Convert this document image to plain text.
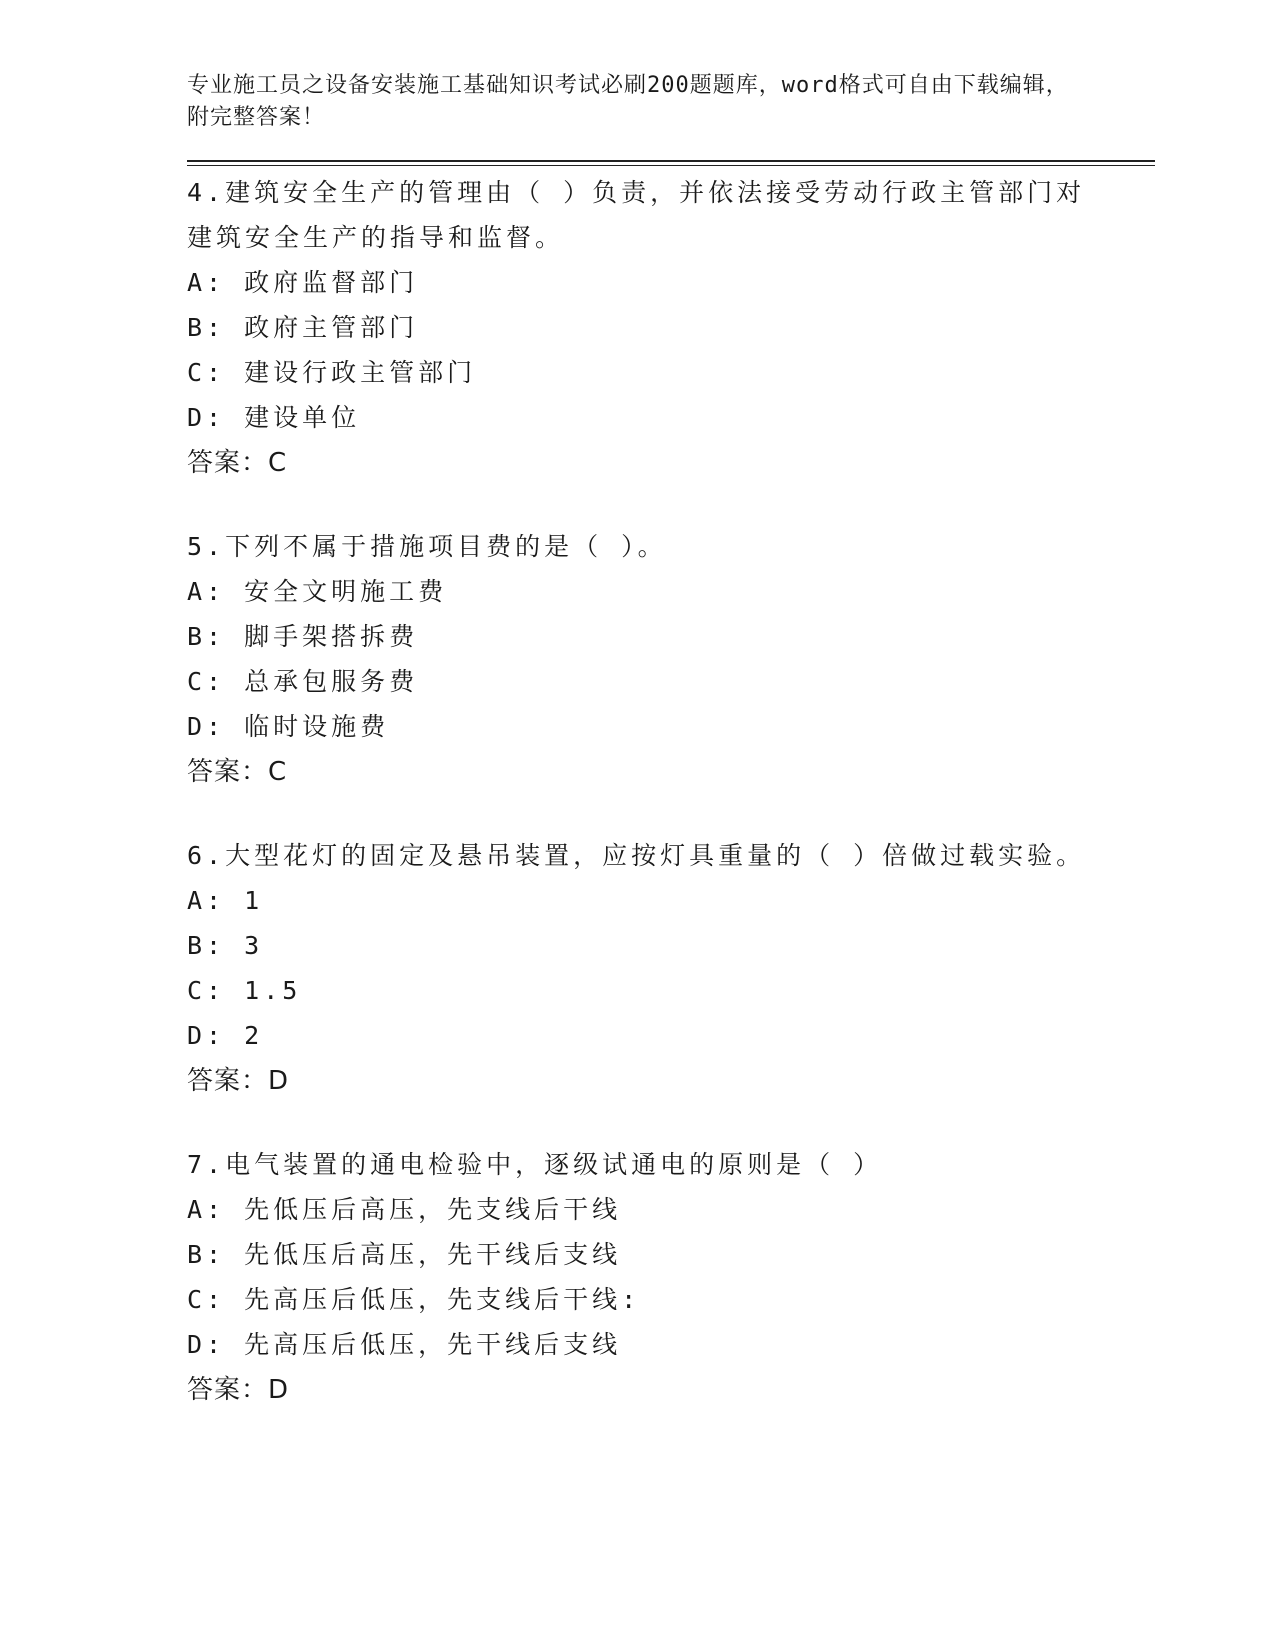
专业施工员之设备安装施工基础知识考试必刷200题题库，word格式可自由下载编辑，附完整答案！
4.建筑安全生产的管理由（ ）负责，并依法接受劳动行政主管部门对建筑安全生产的指导和监督。
A: 政府监督部门
B: 政府主管部门
C: 建设行政主管部门
D: 建设单位
答案：C
5.下列不属于措施项目费的是（ ）。
A: 安全文明施工费
B: 脚手架搭拆费
C: 总承包服务费
D: 临时设施费
答案：C
6.大型花灯的固定及悬吊装置，应按灯具重量的（ ）倍做过载实验。
A: 1
B: 3
C: 1.5
D: 2
答案：D
7.电气装置的通电检验中，逐级试通电的原则是（ ）
A: 先低压后高压，先支线后干线
B: 先低压后高压，先干线后支线
C: 先高压后低压，先支线后干线:
D: 先高压后低压，先干线后支线
答案：D
